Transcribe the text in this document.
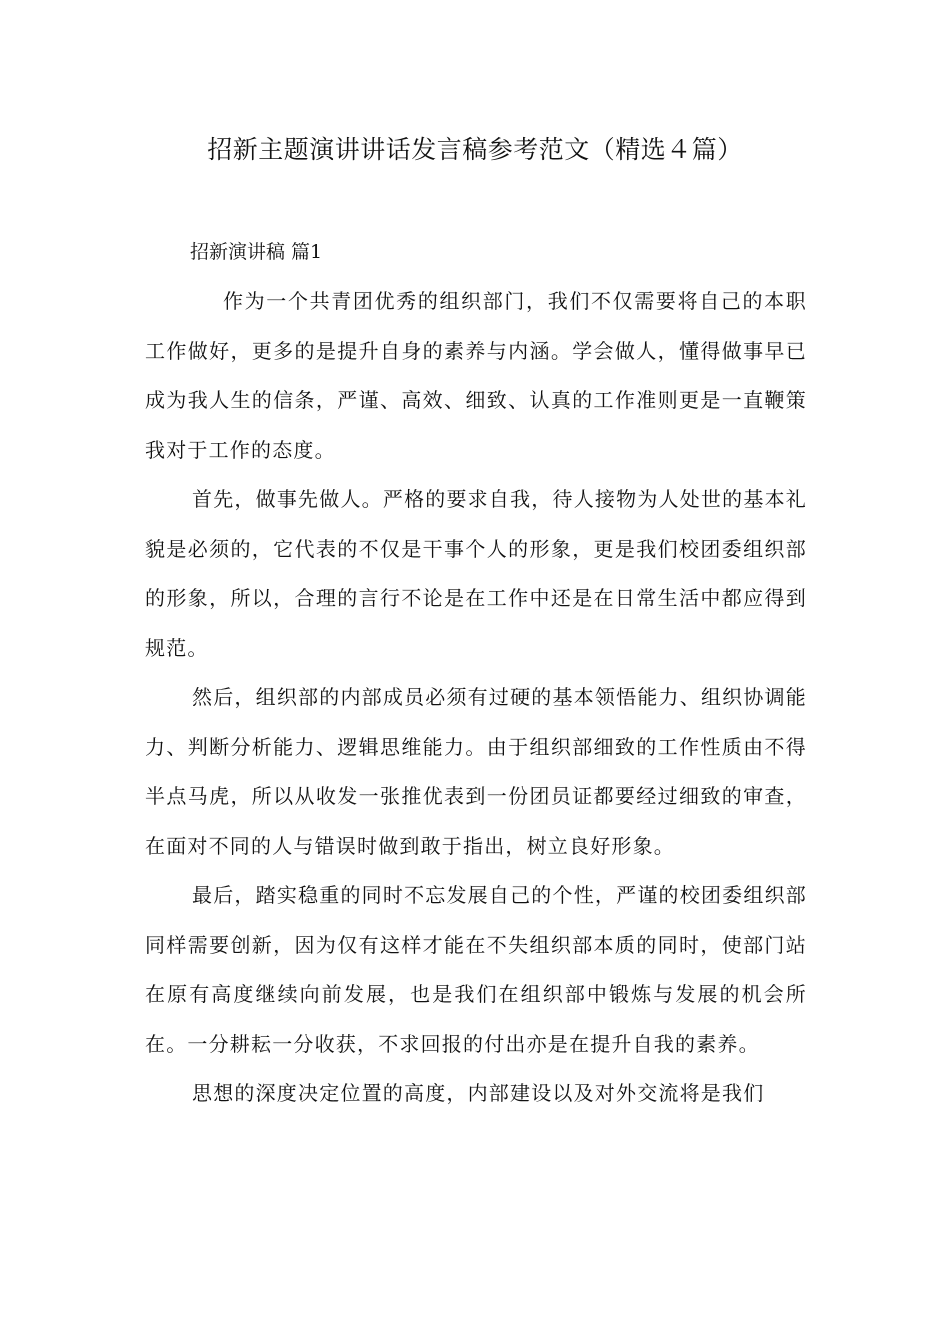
招新主题演讲讲话发言稿参考范文（精选４篇）
招新演讲稿 篇1

作为一个共青团优秀的组织部门，我们不仅需要将自己的本职工作做好，更多的是提升自身的素养与内涵。学会做人，懂得做事早已成为我人生的信条，严谨、高效、细致、认真的工作准则更是一直鞭策我对于工作的态度。

首先，做事先做人。严格的要求自我，待人接物为人处世的基本礼貌是必须的，它代表的不仅是干事个人的形象，更是我们校团委组织部的形象，所以，合理的言行不论是在工作中还是在日常生活中都应得到规范。

然后，组织部的内部成员必须有过硬的基本领悟能力、组织协调能力、判断分析能力、逻辑思维能力。由于组织部细致的工作性质由不得半点马虎，所以从收发一张推优表到一份团员证都要经过细致的审查，在面对不同的人与错误时做到敢于指出，树立良好形象。

最后，踏实稳重的同时不忘发展自己的个性，严谨的校团委组织部同样需要创新，因为仅有这样才能在不失组织部本质的同时，使部门站在原有高度继续向前发展，也是我们在组织部中锻炼与发展的机会所在。一分耕耘一分收获，不求回报的付出亦是在提升自我的素养。

思想的深度决定位置的高度，内部建设以及对外交流将是我们
